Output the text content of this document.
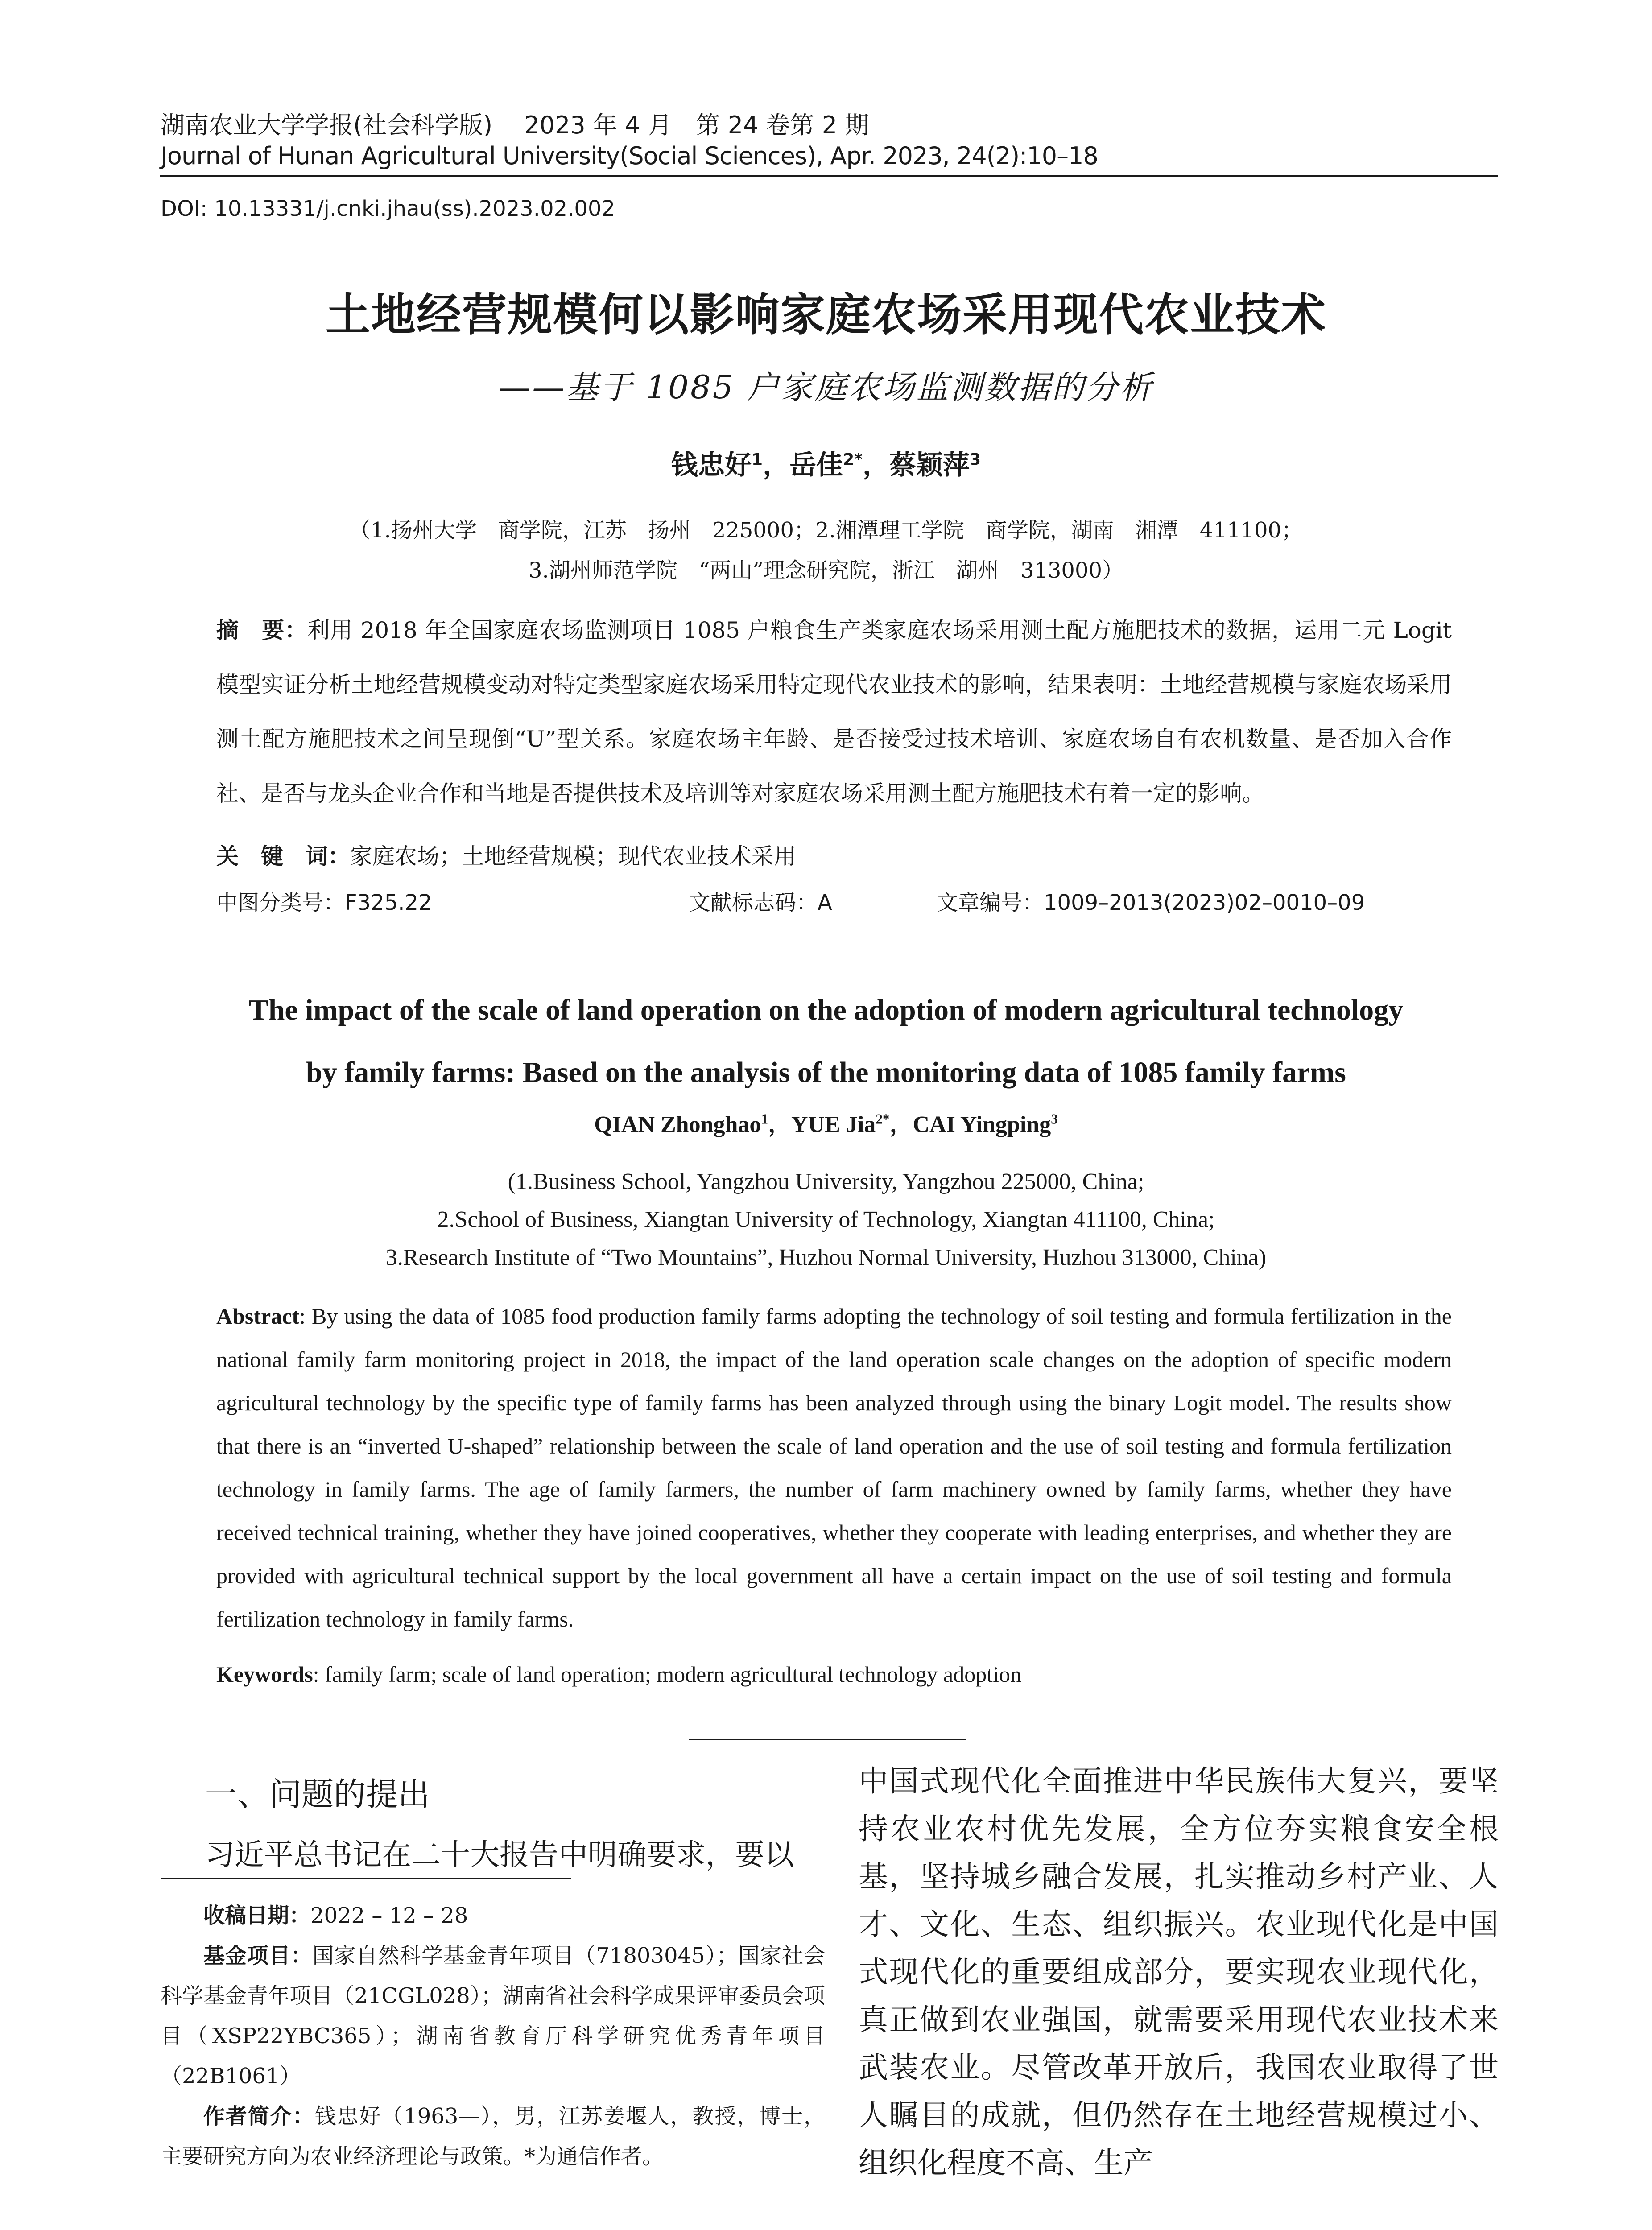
湖南农业大学学报(社会科学版)　 2023 年 4 月　第 24 卷第 2 期
Journal of Hunan Agricultural University(Social Sciences), Apr. 2023, 24(2):10–18
DOI: 10.13331/j.cnki.jhau(ss).2023.02.002
土地经营规模何以影响家庭农场采用现代农业技术
——基于 1085 户家庭农场监测数据的分析
钱忠好$^1$，岳佳$^{2*}$，蔡颖萍$^3$
（1.扬州大学　商学院，江苏　扬州　225000；2.湘潭理工学院　商学院，湖南　湘潭　411100；
3.湖州师范学院　“两山”理念研究院，浙江　湖州　313000）
摘　要：利用 2018 年全国家庭农场监测项目 1085 户粮食生产类家庭农场采用测土配方施肥技术的数据，运用二元 Logit 模型实证分析土地经营规模变动对特定类型家庭农场采用特定现代农业技术的影响，结果表明：土地经营规模与家庭农场采用测土配方施肥技术之间呈现倒“U”型关系。家庭农场主年龄、是否接受过技术培训、家庭农场自有农机数量、是否加入合作社、是否与龙头企业合作和当地是否提供技术及培训等对家庭农场采用测土配方施肥技术有着一定的影响。
关　键　词：家庭农场；土地经营规模；现代农业技术采用
中图分类号：F325.22	文献标志码：A	文章编号：1009–2013(2023)02–0010–09
The impact of the scale of land operation on the adoption of modern agricultural technology
by family farms: Based on the analysis of the monitoring data of 1085 family farms
QIAN Zhonghao$^1$，YUE Jia$^{2*}$，CAI Yingping$^3$
(1.Business School, Yangzhou University, Yangzhou 225000, China;
2.School of Business, Xiangtan University of Technology, Xiangtan 411100, China;
3.Research Institute of “Two Mountains”, Huzhou Normal University, Huzhou 313000, China)
Abstract: By using the data of 1085 food production family farms adopting the technology of soil testing and formula fertilization in the national family farm monitoring project in 2018, the impact of the land operation scale changes on the adoption of specific modern agricultural technology by the specific type of family farms has been analyzed through using the binary Logit model. The results show that there is an “inverted U-shaped” relationship between the scale of land operation and the use of soil testing and formula fertilization technology in family farms. The age of family farmers, the number of farm machinery owned by family farms, whether they have received technical training, whether they have joined cooperatives, whether they cooperate with leading enterprises, and whether they are provided with agricultural technical support by the local government all have a certain impact on the use of soil testing and formula fertilization technology in family farms.
Keywords: family farm; scale of land operation; modern agricultural technology adoption
一、问题的提出
习近平总书记在二十大报告中明确要求，要以

收稿日期：2022 – 12 – 28

基金项目：国家自然科学基金青年项目（71803045）；国家社会科学基金青年项目（21CGL028）；湖南省社会科学成果评审委员会项目（XSP22YBC365）；湖南省教育厅科学研究优秀青年项目（22B1061）

作者简介：钱忠好（1963—），男，江苏姜堰人，教授，博士，主要研究方向为农业经济理论与政策。*为通信作者。

中国式现代化全面推进中华民族伟大复兴，要坚持农业农村优先发展，全方位夯实粮食安全根基，坚持城乡融合发展，扎实推动乡村产业、人才、文化、生态、组织振兴。农业现代化是中国式现代化的重要组成部分，要实现农业现代化，真正做到农业强国，就需要采用现代农业技术来武装农业。尽管改革开放后，我国农业取得了世人瞩目的成就，但仍然存在土地经营规模过小、组织化程度不高、生产
